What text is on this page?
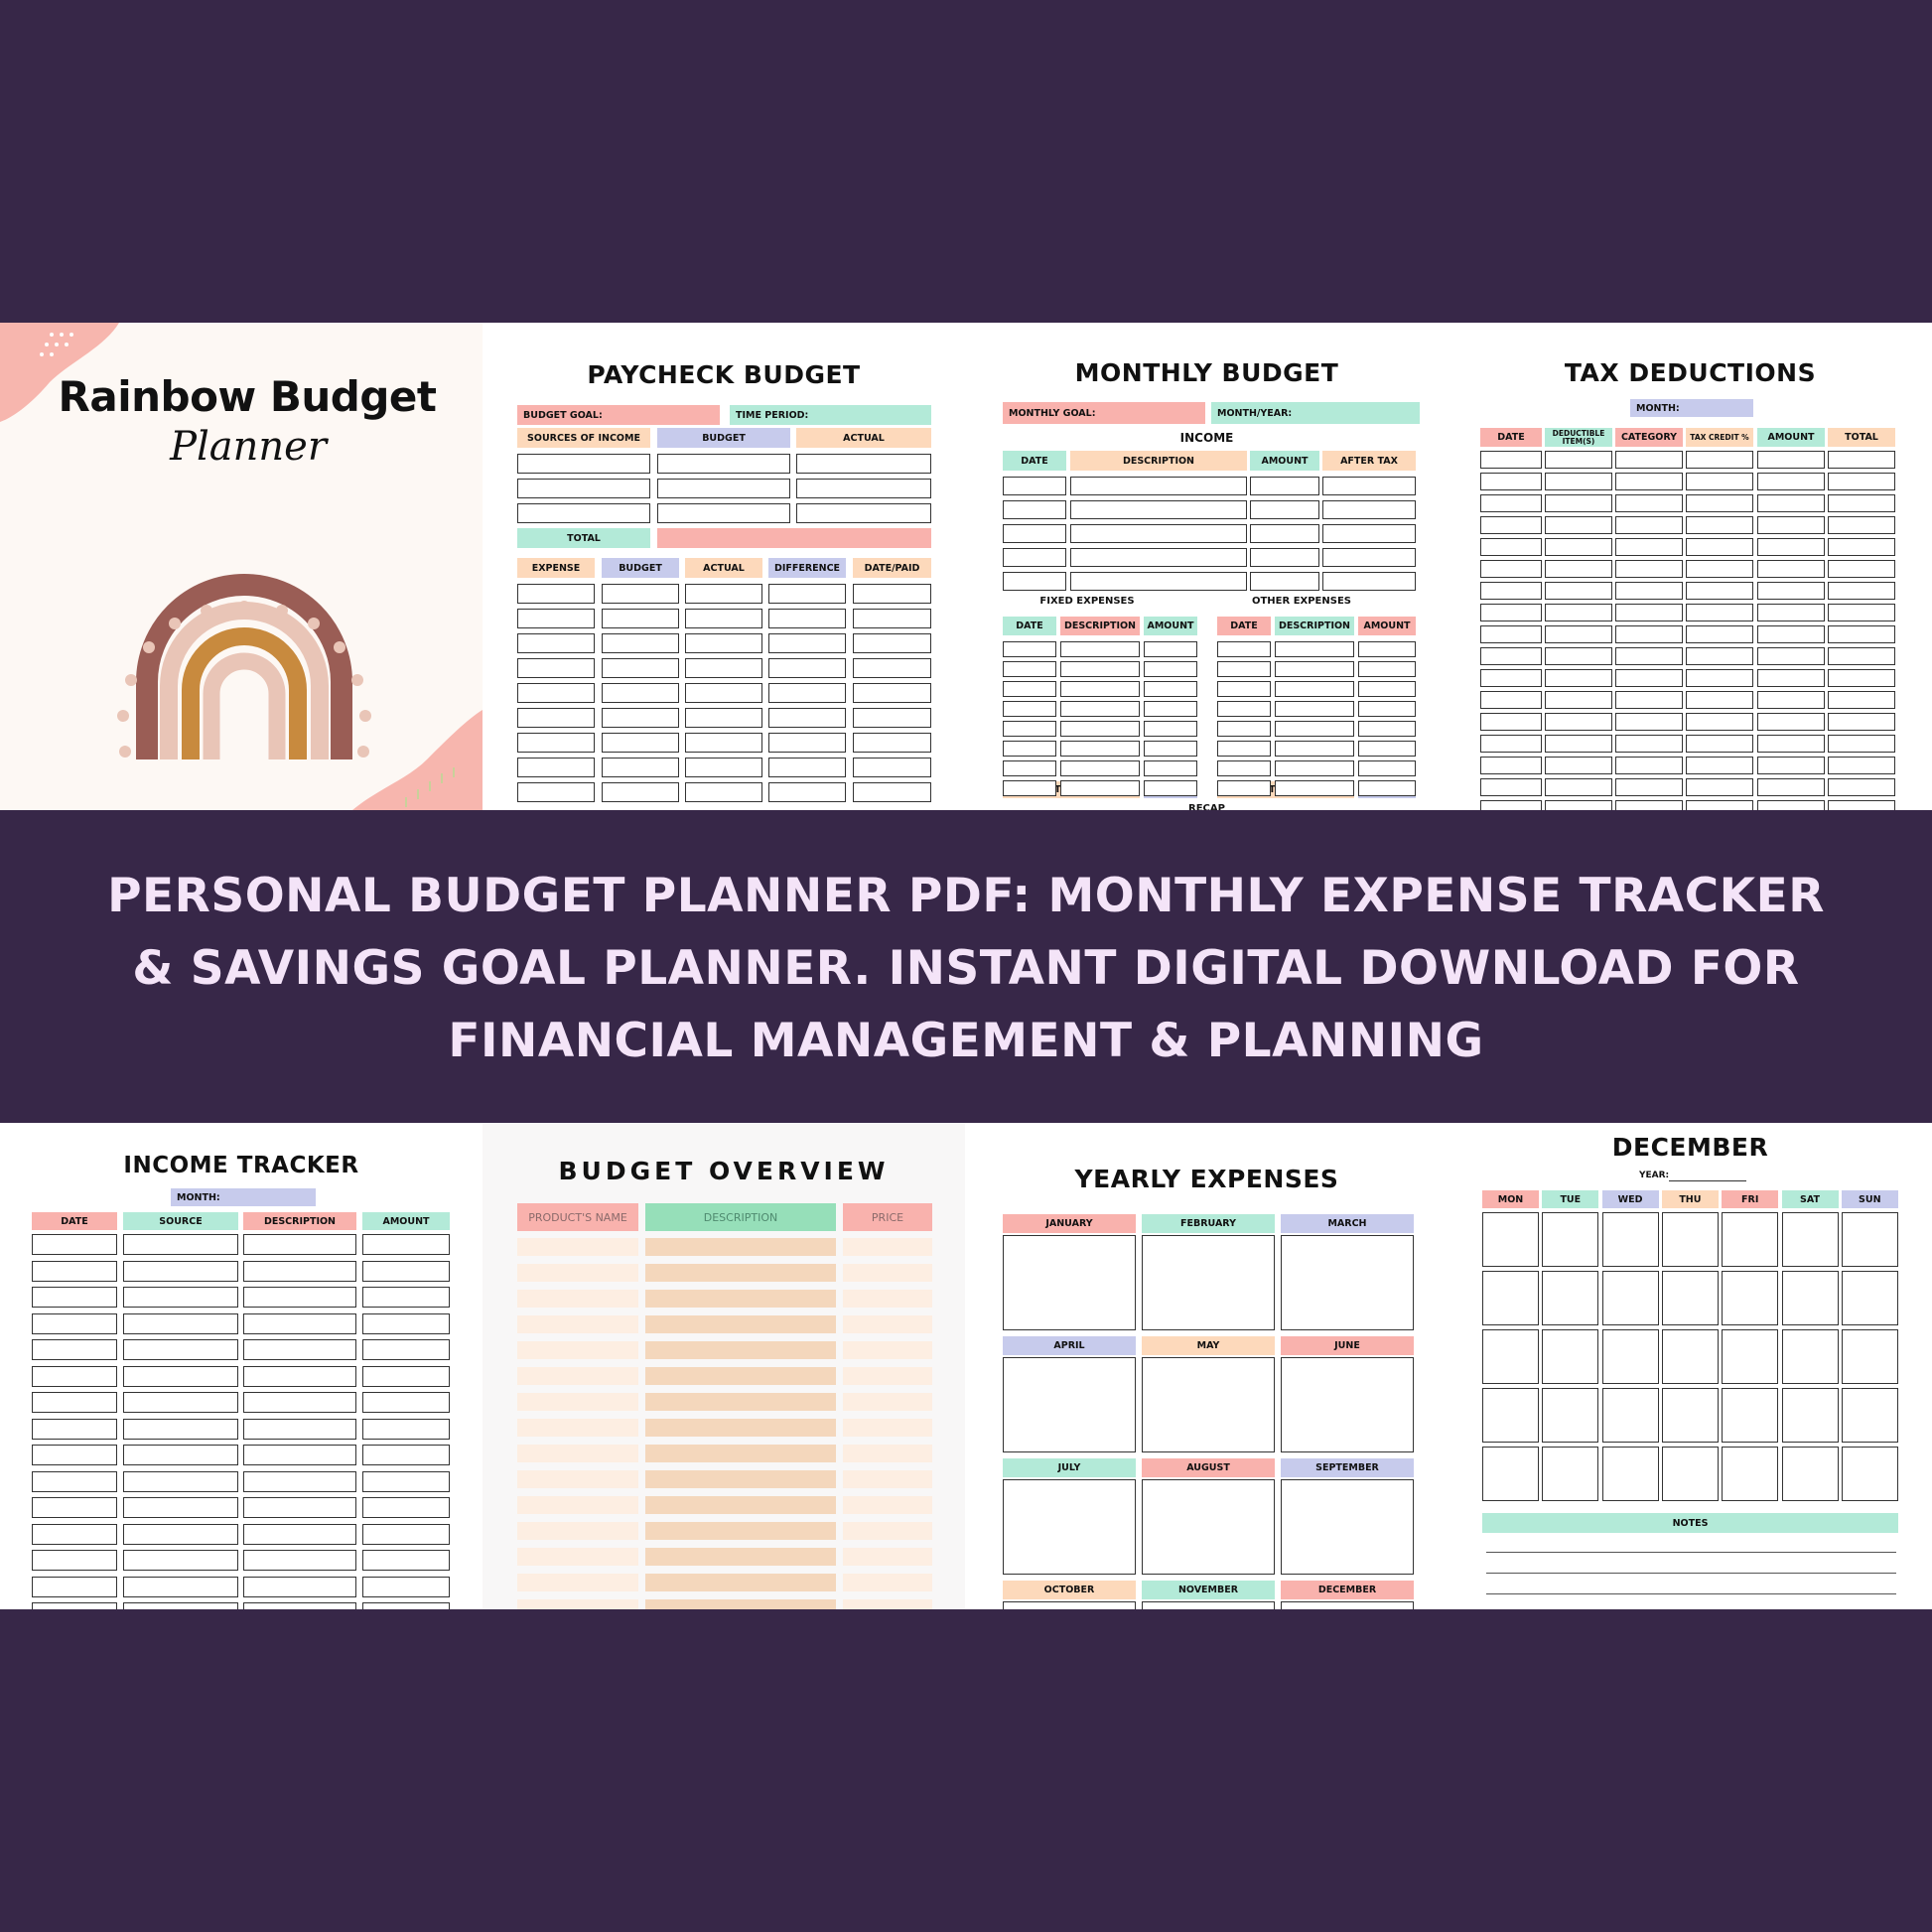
Rainbow Budget
Planner
PAYCHECK BUDGET
BUDGET GOAL:	TIME PERIOD:
SOURCES OF INCOME	BUDGET	ACTUAL
TOTAL
EXPENSE	BUDGET	ACTUAL	DIFFERENCE	DATE/PAID
MONTHLY BUDGET
MONTHLY GOAL:	MONTH/YEAR:
INCOME
DATE	DESCRIPTION	AMOUNT	AFTER TAX
FIXED EXPENSES	OTHER EXPENSES
DATE	DESCRIPTION	AMOUNT	DATE	DESCRIPTION	AMOUNT
RECAP
TAX DEDUCTIONS
MONTH:
DATE	DEDUCTIBLE ITEM(S)	CATEGORY	TAX CREDIT %	AMOUNT	TOTAL
PERSONAL BUDGET PLANNER PDF: MONTHLY EXPENSE TRACKER
& SAVINGS GOAL PLANNER. INSTANT DIGITAL DOWNLOAD FOR
FINANCIAL MANAGEMENT & PLANNING
INCOME TRACKER
MONTH:
DATE	SOURCE	DESCRIPTION	AMOUNT
BUDGET OVERVIEW
PRODUCT'S NAME	DESCRIPTION	PRICE
YEARLY EXPENSES
JANUARY	FEBRUARY	MARCH
APRIL	MAY	JUNE
JULY	AUGUST	SEPTEMBER
OCTOBER	NOVEMBER	DECEMBER
DECEMBER
YEAR:
MON	TUE	WED	THU	FRI	SAT	SUN
NOTES
